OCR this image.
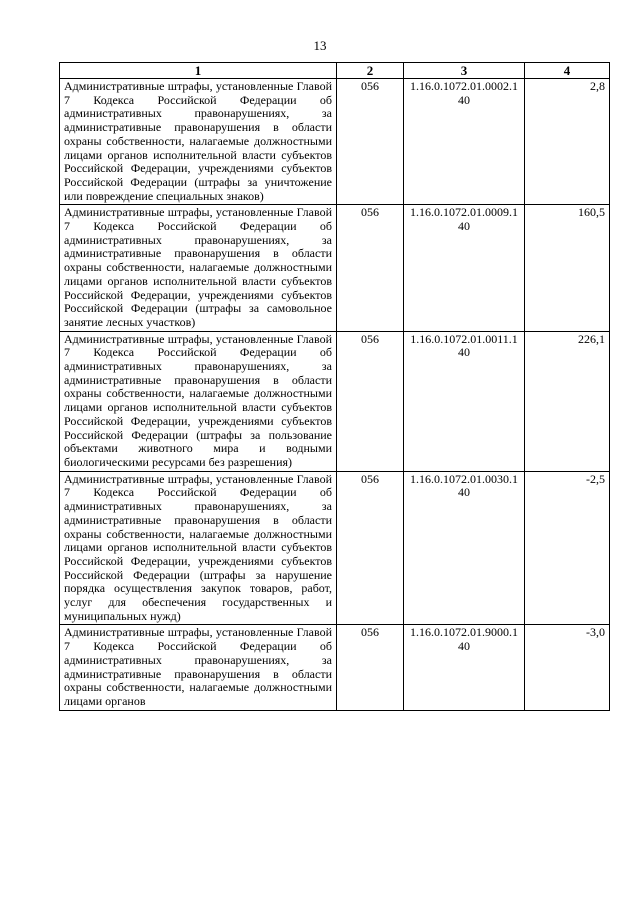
13
1	2	3	4
Административные штрафы, установленные Главой 7 Кодекса Российской Федерации об административных правонарушениях, за административные правонарушения в области охраны собственности, налагаемые должностными лицами органов исполнительной власти субъектов Российской Федерации, учреждениями субъектов Российской Федерации (штрафы за уничтожение или повреждение специальных знаков)	056	1.16.0.1072.01.0002.140	2,8
Административные штрафы, установленные Главой 7 Кодекса Российской Федерации об административных правонарушениях, за административные правонарушения в области охраны собственности, налагаемые должностными лицами органов исполнительной власти субъектов Российской Федерации, учреждениями субъектов Российской Федерации (штрафы за самовольное занятие лесных участков)	056	1.16.0.1072.01.0009.140	160,5
Административные штрафы, установленные Главой 7 Кодекса Российской Федерации об административных правонарушениях, за административные правонарушения в области охраны собственности, налагаемые должностными лицами органов исполнительной власти субъектов Российской Федерации, учреждениями субъектов Российской Федерации (штрафы за пользование объектами животного мира и водными биологическими ресурсами без разрешения)	056	1.16.0.1072.01.0011.140	226,1
Административные штрафы, установленные Главой 7 Кодекса Российской Федерации об административных правонарушениях, за административные правонарушения в области охраны собственности, налагаемые должностными лицами органов исполнительной власти субъектов Российской Федерации, учреждениями субъектов Российской Федерации (штрафы за нарушение порядка осуществления закупок товаров, работ, услуг для обеспечения государственных и муниципальных нужд)	056	1.16.0.1072.01.0030.140	-2,5
Административные штрафы, установленные Главой 7 Кодекса Российской Федерации об административных правонарушениях, за административные правонарушения в области охраны собственности, налагаемые должностными лицами органов	056	1.16.0.1072.01.9000.140	-3,0
